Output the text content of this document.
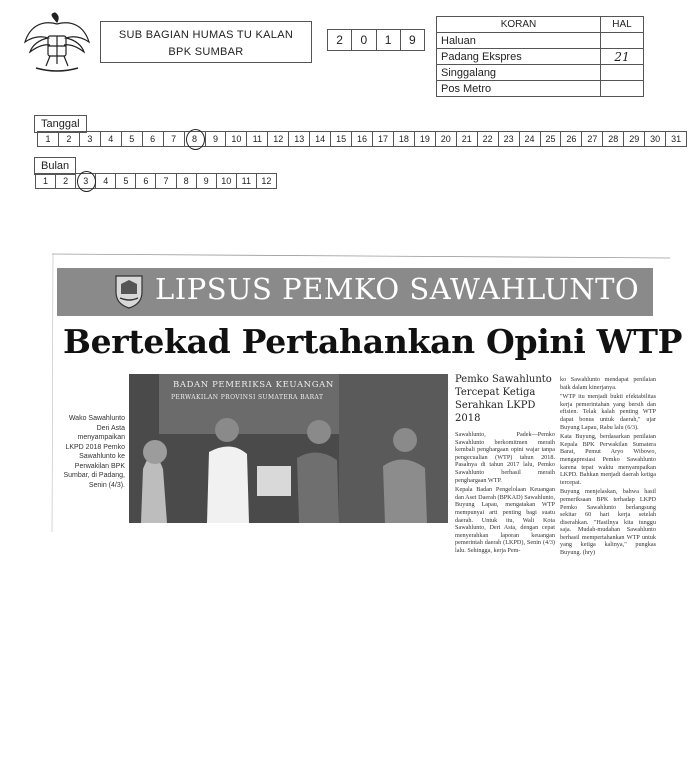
SUB BAGIAN HUMAS TU KALAN
BPK SUMBAR
2	0	1	9
KORAN	HAL
Haluan	
Padang Ekspres	21
Singgalang	
Pos Metro	
Tanggal
1	2	3	4	5	6	7	8	9	10	11	12	13	14	15	16	17	18	19	20	21	22	23	24	25	26	27	28	29	30	31
Bulan
1	2	3	4	5	6	7	8	9	10	11	12
LIPSUS PEMKO SAWAHLUNTO
Bertekad Pertahankan Opini WTP
Wako Sawahlunto Deri Asta menyampaikan LKPD 2018 Pemko Sawahlunto ke Perwakilan BPK Sumbar, di Padang, Senin (4/3).
BADAN PEMERIKSA KEUANGAN
PERWAKILAN PROVINSI SUMATERA BARAT
Pemko Sawahlunto Tercepat Ketiga Serahkan LKPD 2018

Sawahlunto, Padek—Pemko Sawahlunto berkomitmen meraih kembali penghargaan opini wajar tanpa pengecualian (WTP) tahun 2018. Pasalnya di tahun 2017 lalu, Pemko Sawahlunto berhasil meraih penghargaan WTP.

Kepala Badan Pengelolaan Keuangan dan Aset Daerah (BPKAD) Sawahlunto, Buyung Lapau, mengatakan WTP mempunyai arti penting bagi suatu daerah. Untuk itu, Wali Kota Sawahlunto, Deri Asta, dengan cepat menyerahkan laporan keuangan pemerintah daerah (LKPD), Senin (4/3) lalu. Sehingga, kerja Pem-

ko Sawahlunto mendapat penilaian baik dalam kinerjanya.

"WTP itu menjadi bukti efektabilitas kerja pemerintahan yang bersih dan efisien. Telak kalah penting WTP dapat bonus untuk daerah," ujar Buyung Lapau, Rabu lalu (6/3).

Kata Buyung, berdasarkan penilaian Kepala BPK Perwakilan Sumatera Barat, Pemut Aryo Wibowo, mengapresiasi Pemko Sawahlunto karena tepat waktu menyampaikan LKPD. Bahkan menjadi daerah ketiga tercepat.

Buyung menjelaskan, bahwa hasil pemeriksaan BPK terhadap LKPD Pemko Sawahlunto berlangsung sekitar 60 hari kerja setelah diserahkan. "Hasilnya kita tunggu saja. Mudah-mudahan Sawahlunto berhasil mempertahankan WTP untuk yang ketiga kalinya," pungkas Buyung. (hry)
